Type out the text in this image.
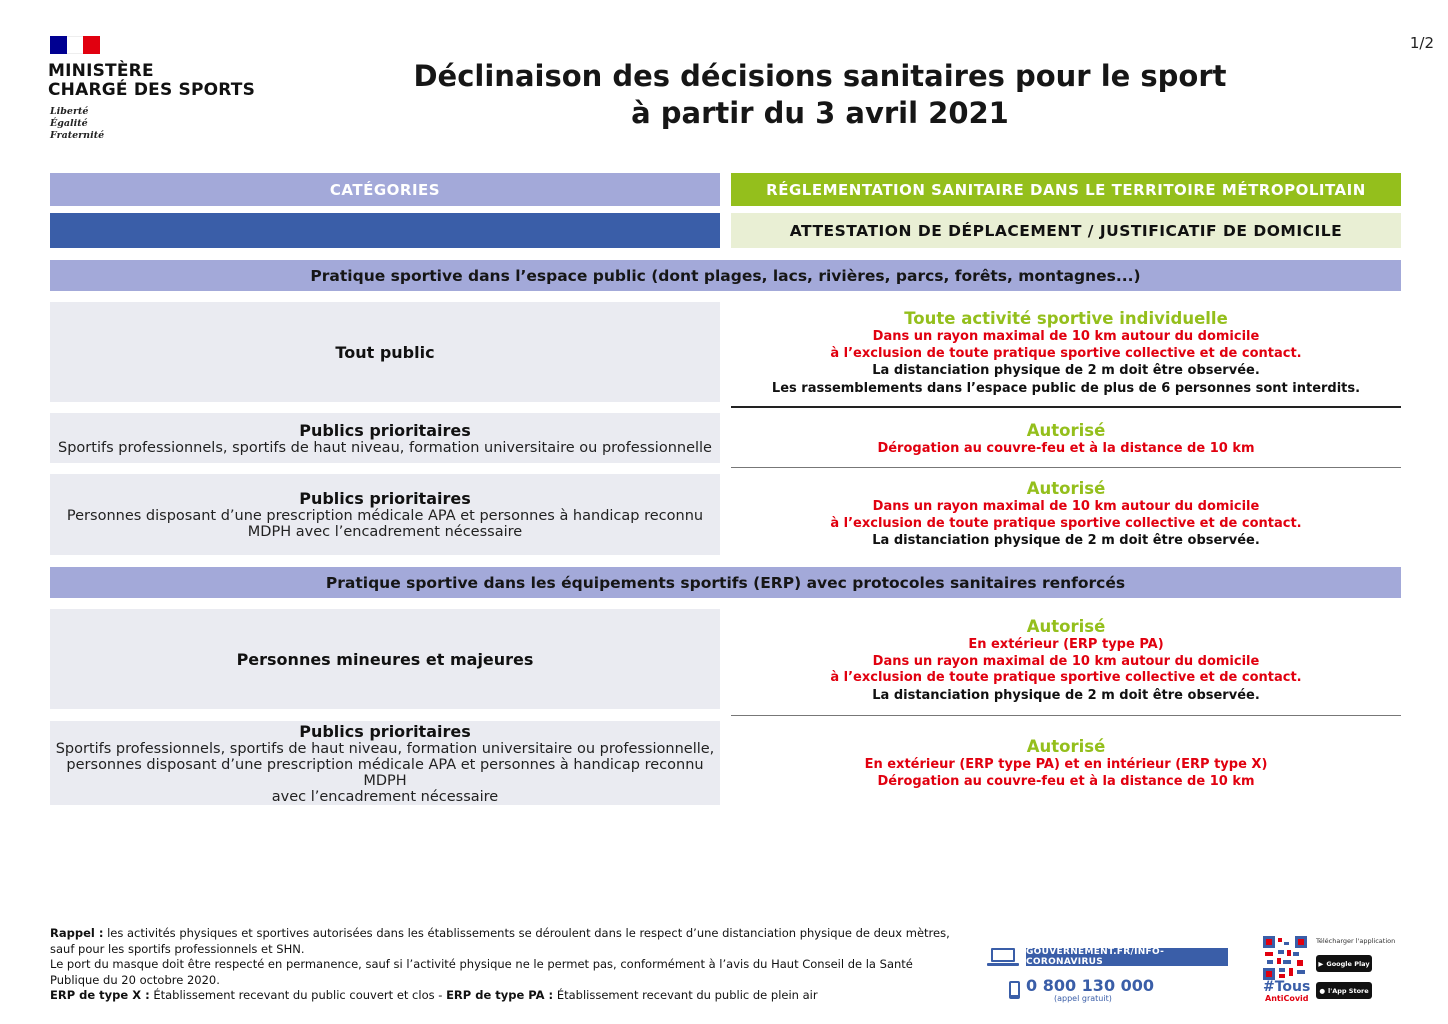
MINISTÈRE
CHARGÉ DES SPORTS
Liberté
Égalité
Fraternité
1/2
Déclinaison des décisions sanitaires pour le sport
à partir du 3 avril 2021
CATÉGORIES	RÉGLEMENTATION SANITAIRE DANS LE TERRITOIRE MÉTROPOLITAIN
ATTESTATION DE DÉPLACEMENT / JUSTIFICATIF DE DOMICILE
Pratique sportive dans l’espace public (dont plages, lacs, rivières, parcs, forêts, montagnes...)
Tout public
Toute activité sportive individuelle
Dans un rayon maximal de 10 km autour du domicile
à l’exclusion de toute pratique sportive collective et de contact.
La distanciation physique de 2 m doit être observée.
Les rassemblements dans l’espace public de plus de 6 personnes sont interdits.
Publics prioritaires
Sportifs professionnels, sportifs de haut niveau, formation universitaire ou professionnelle
Autorisé
Dérogation au couvre-feu et à la distance de 10 km
Publics prioritaires
Personnes disposant d’une prescription médicale APA et personnes à handicap reconnu
MDPH avec l’encadrement nécessaire
Autorisé
Dans un rayon maximal de 10 km autour du domicile
à l’exclusion de toute pratique sportive collective et de contact.
La distanciation physique de 2 m doit être observée.
Pratique sportive dans les équipements sportifs (ERP) avec protocoles sanitaires renforcés
Personnes mineures et majeures
Autorisé
En extérieur (ERP type PA)
Dans un rayon maximal de 10 km autour du domicile
à l’exclusion de toute pratique sportive collective et de contact.
La distanciation physique de 2 m doit être observée.
Publics prioritaires
Sportifs professionnels, sportifs de haut niveau, formation universitaire ou professionnelle,
personnes disposant d’une prescription médicale APA et personnes à handicap reconnu MDPH
avec l’encadrement nécessaire
Autorisé
En extérieur (ERP type PA) et en intérieur (ERP type X)
Dérogation au couvre-feu et à la distance de 10 km
Rappel : les activités physiques et sportives autorisées dans les établissements se déroulent dans le respect d’une distanciation physique de deux mètres,
sauf pour les sportifs professionnels et SHN.
Le port du masque doit être respecté en permanence, sauf si l’activité physique ne le permet pas, conformément à l’avis du Haut Conseil de la Santé
Publique du 20 octobre 2020.
ERP de type X : Établissement recevant du public couvert et clos - ERP de type PA : Établissement recevant du public de plein air
GOUVERNEMENT.FR/INFO-CORONAVIRUS
0 800 130 000
(appel gratuit)
#Tous
AntiCovid
Télécharger l'application
▶ Google Play
● l'App Store
